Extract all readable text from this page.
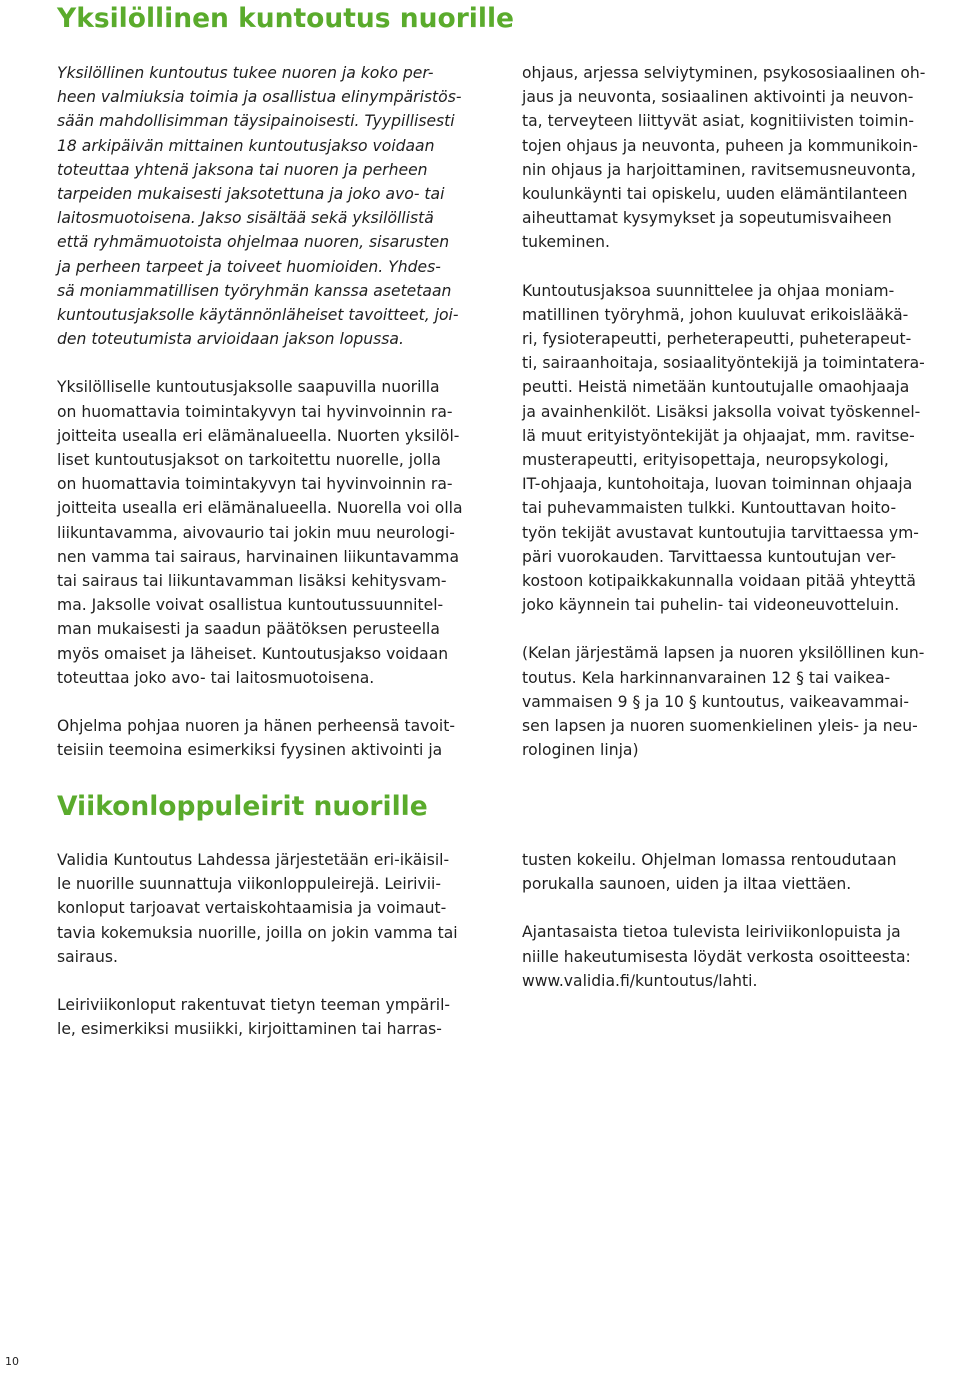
Yksilöllinen kuntoutus nuorille

Yksilöllinen kuntoutus tukee nuoren ja koko per-
heen valmiuksia toimia ja osallistua elinympäristös-
sään mahdollisimman täysipainoisesti. Tyypillisesti
18 arkipäivän mittainen kuntoutusjakso voidaan
toteuttaa yhtenä jaksona tai nuoren ja perheen
tarpeiden mukaisesti jaksotettuna ja joko avo- tai
laitosmuotoisena. Jakso sisältää sekä yksilöllistä
että ryhmämuotoista ohjelmaa nuoren, sisarusten
ja perheen tarpeet ja toiveet huomioiden. Yhdes-
sä moniammatillisen työryhmän kanssa asetetaan
kuntoutusjaksolle käytännönläheiset tavoitteet, joi-
den toteutumista arvioidaan jakson lopussa.

Yksilölliselle kuntoutusjaksolle saapuvilla nuorilla
on huomattavia toimintakyvyn tai hyvinvoinnin ra-
joitteita usealla eri elämänalueella. Nuorten yksilöl-
liset kuntoutusjaksot on tarkoitettu nuorelle, jolla
on huomattavia toimintakyvyn tai hyvinvoinnin ra-
joitteita usealla eri elämänalueella. Nuorella voi olla
liikuntavamma, aivovaurio tai jokin muu neurologi-
nen vamma tai sairaus, harvinainen liikuntavamma
tai sairaus tai liikuntavamman lisäksi kehitysvam-
ma. Jaksolle voivat osallistua kuntoutussuunnitel-
man mukaisesti ja saadun päätöksen perusteella
myös omaiset ja läheiset. Kuntoutusjakso voidaan
toteuttaa joko avo- tai laitosmuotoisena.

Ohjelma pohjaa nuoren ja hänen perheensä tavoit-
teisiin teemoina esimerkiksi fyysinen aktivointi ja

ohjaus, arjessa selviytyminen, psykososiaalinen oh-
jaus ja neuvonta, sosiaalinen aktivointi ja neuvon-
ta, terveyteen liittyvät asiat, kognitiivisten toimin-
tojen ohjaus ja neuvonta, puheen ja kommunikoin-
nin ohjaus ja harjoittaminen, ravitsemusneuvonta,
koulunkäynti tai opiskelu, uuden elämäntilanteen
aiheuttamat kysymykset ja sopeutumisvaiheen
tukeminen.

Kuntoutusjaksoa suunnittelee ja ohjaa moniam-
matillinen työryhmä, johon kuuluvat erikoislääkä-
ri, fysioterapeutti, perheterapeutti, puheterapeut-
ti, sairaanhoitaja, sosiaalityöntekijä ja toimintatera-
peutti. Heistä nimetään kuntoutujalle omaohjaaja
ja avainhenkilöt. Lisäksi jaksolla voivat työskennel-
lä muut erityistyöntekijät ja ohjaajat, mm. ravitse-
musterapeutti, erityisopettaja, neuropsykologi,
IT-ohjaaja, kuntohoitaja, luovan toiminnan ohjaaja
tai puhevammaisten tulkki. Kuntouttavan hoito-
työn tekijät avustavat kuntoutujia tarvittaessa ym-
päri vuorokauden. Tarvittaessa kuntoutujan ver-
kostoon kotipaikkakunnalla voidaan pitää yhteyttä
joko käynnein tai puhelin- tai videoneuvotteluin.

(Kelan järjestämä lapsen ja nuoren yksilöllinen kun-
toutus. Kela harkinnanvarainen 12 § tai vaikea-
vammaisen 9 § ja 10 § kuntoutus, vaikeavammai-
sen lapsen ja nuoren suomenkielinen yleis- ja neu-
rologinen linja)

Viikonloppuleirit nuorille

Validia Kuntoutus Lahdessa järjestetään eri-ikäisil-
le nuorille suunnattuja viikonloppuleirejä. Leirivii-
konloput tarjoavat vertaiskohtaamisia ja voimaut-
tavia kokemuksia nuorille, joilla on jokin vamma tai
sairaus.

Leiriviikonloput rakentuvat tietyn teeman ympäril-
le, esimerkiksi musiikki, kirjoittaminen tai harras-

tusten kokeilu. Ohjelman lomassa rentoudutaan
porukalla saunoen, uiden ja iltaa viettäen.

Ajantasaista tietoa tulevista leiriviikonlopuista ja
niille hakeutumisesta löydät verkosta osoitteesta:
www.validia.fi/kuntoutus/lahti.

10
